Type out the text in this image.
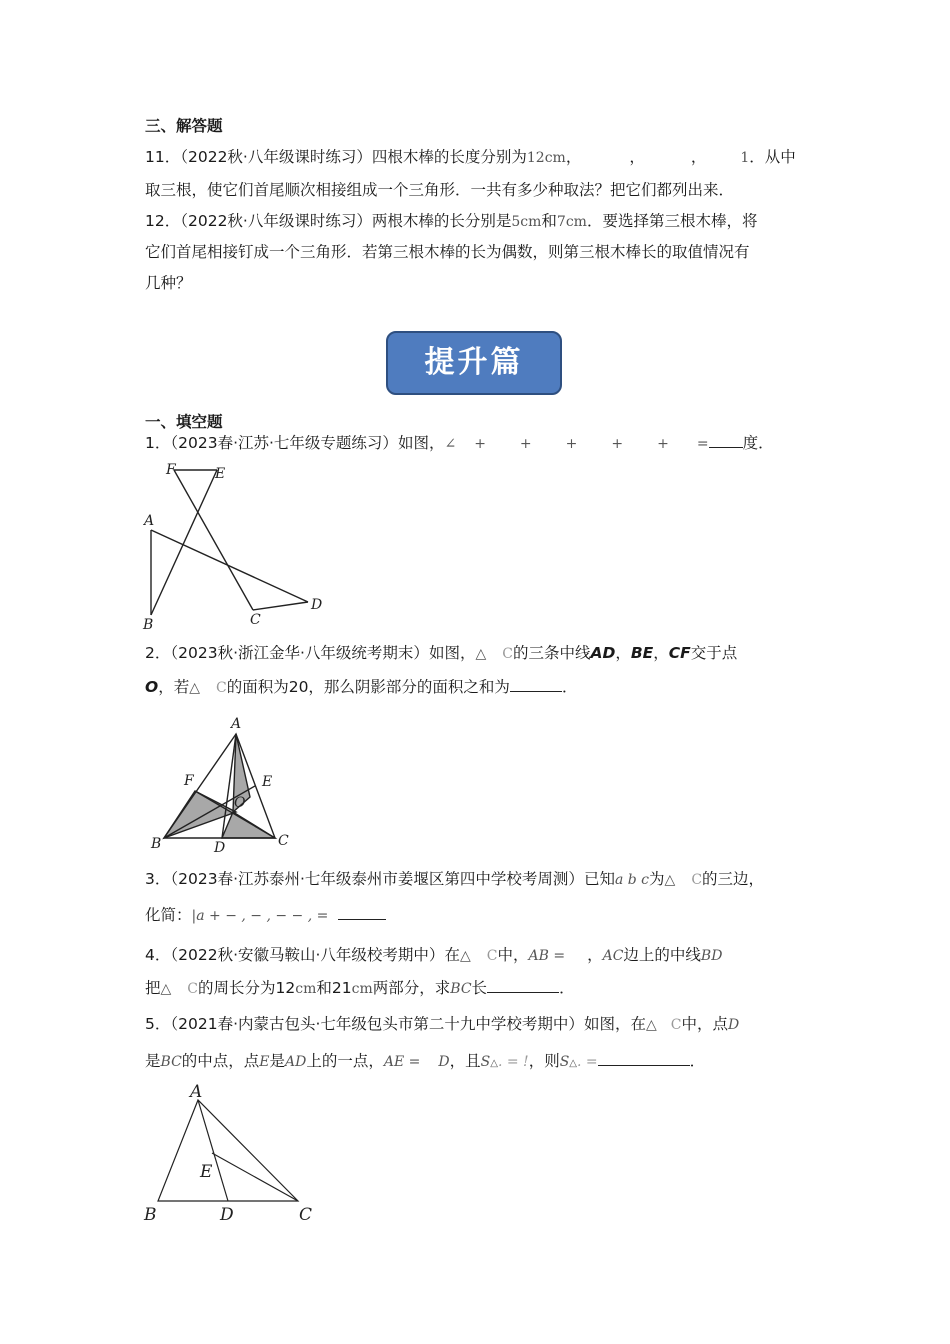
三、解答题
11．（2022秋·八年级课时练习）四根木棒的长度分别为12cm，	，	， 1．从中
取三根，使它们首尾顺次相接组成一个三角形．一共有多少种取法？把它们都列出来．
12．（2022秋·八年级课时练习）两根木棒的长分别是5cm和7cm．要选择第三根木棒，将
它们首尾相接钉成一个三角形．若第三根木棒的长为偶数，则第三根木棒长的取值情况有
几种？
提升篇
一、填空题
1．（2023春·江苏·七年级专题练习）如图，∠ + + + + + = 度．
F	E
A
B	C
D
2．（2023秋·浙江金华·八年级统考期末）如图，△ C的三条中线AD，BE，CF交于点
O，若△ C的面积为20，那么阴影部分的面积之和为	．
A
F	E
O
B	D	C
3．（2023春·江苏泰州·七年级泰州市姜堰区第四中学校考周测）已知a b c为△ C的三边，
化简：|a + − , − , − − , =
4．（2022秋·安徽马鞍山·八年级校考期中）在△ C中，AB = ，AC边上的中线BD
把△ C的周长分为12cm和21cm两部分，求BC长	．
5．（2021春·内蒙古包头·七年级包头市第二十九中学校考期中）如图，在△ C中，点D
是BC的中点，点E是AD上的一点，AE = D，且S△. = !，则S△. =	．
A
E
B	D	C
